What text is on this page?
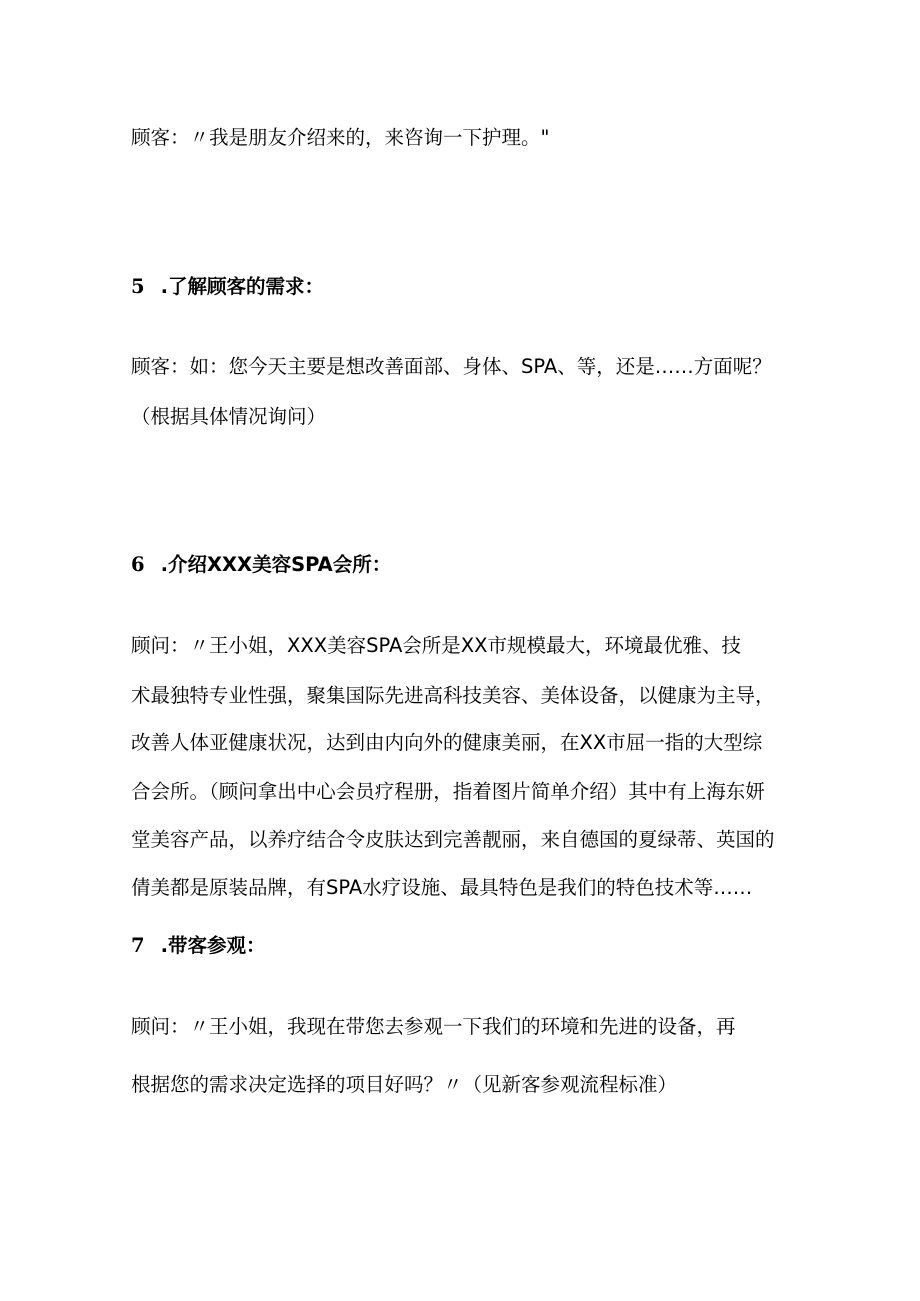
顾客：〃我是朋友介绍来的，来咨询一下护理。"
5 .了解顾客的需求：
顾客：如：您今天主要是想改善面部、身体、SPA、等，还是……方面呢？
（根据具体情况询问）
6 .介绍XXX美容SPA会所：
顾问：〃王小姐，XXX美容SPA会所是XX市规模最大，环境最优雅、技
术最独特专业性强，聚集国际先进高科技美容、美体设备，以健康为主导，
改善人体亚健康状况，达到由内向外的健康美丽，在XX市屈一指的大型综
合会所。（顾问拿出中心会员疗程册，指着图片简单介绍）其中有上海东妍
堂美容产品，以养疗结合令皮肤达到完善靓丽，来自德国的夏绿蒂、英国的
倩美都是原装品牌，有SPA水疗设施、最具特色是我们的特色技术等……
7 .带客参观：
顾问：〃王小姐，我现在带您去参观一下我们的环境和先进的设备，再
根据您的需求决定选择的项目好吗？〃（见新客参观流程标准）
